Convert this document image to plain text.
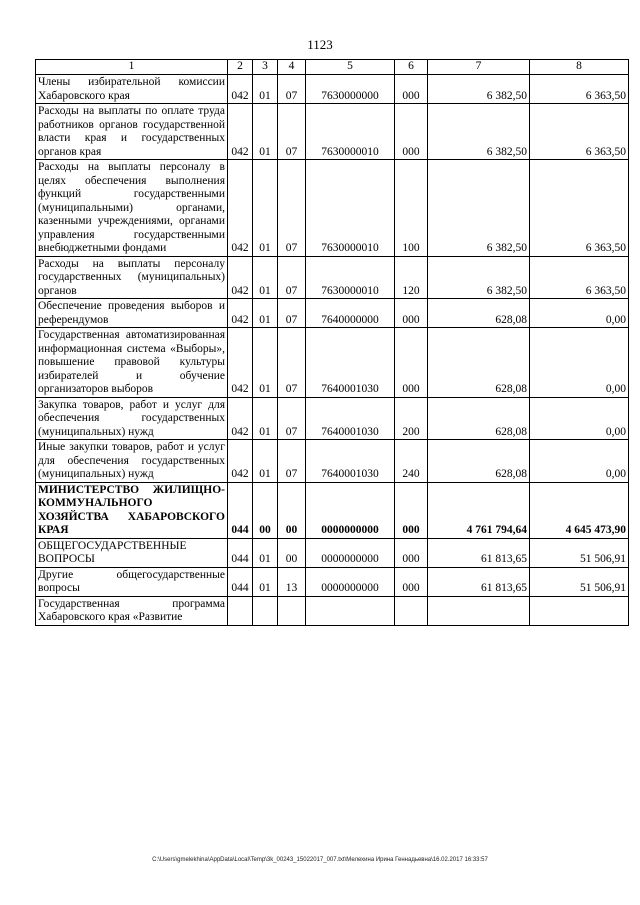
1123
1	2	3	4	5	6	7	8
Члены избирательной комиссии Хабаровского края	042	01	07	7630000000	000	6 382,50	6 363,50
Расходы на выплаты по оплате труда работников органов государственной власти края и государственных органов края	042	01	07	7630000010	000	6 382,50	6 363,50
Расходы на выплаты персоналу в целях обеспечения выполнения функций государственными (муниципальными) органами, казенными учреждениями, органами управления государственными внебюджетными фондами	042	01	07	7630000010	100	6 382,50	6 363,50
Расходы на выплаты персоналу государственных (муниципальных) органов	042	01	07	7630000010	120	6 382,50	6 363,50
Обеспечение проведения выборов и референдумов	042	01	07	7640000000	000	628,08	0,00
Государственная автоматизированная информационная система «Выборы», повышение правовой культуры избирателей и обучение организаторов выборов	042	01	07	7640001030	000	628,08	0,00
Закупка товаров, работ и услуг для обеспечения государственных (муниципальных) нужд	042	01	07	7640001030	200	628,08	0,00
Иные закупки товаров, работ и услуг для обеспечения государственных (муниципальных) нужд	042	01	07	7640001030	240	628,08	0,00
МИНИСТЕРСТВО ЖИЛИЩНО-КОММУНАЛЬНОГО ХОЗЯЙСТВА ХАБАРОВСКОГО КРАЯ	044	00	00	0000000000	000	4 761 794,64	4 645 473,90
ОБЩЕГОСУДАРСТВЕННЫЕ ВОПРОСЫ	044	01	00	0000000000	000	61 813,65	51 506,91
Другие общегосударственные вопросы	044	01	13	0000000000	000	61 813,65	51 506,91
Государственная программа Хабаровского края «Развитие							
C:\Users\gmelekhina\AppData\Local\Temp\3k_00243_15022017_007.txt\Мелехина Ирина Геннадьевна\16.02.2017 16:33:57
